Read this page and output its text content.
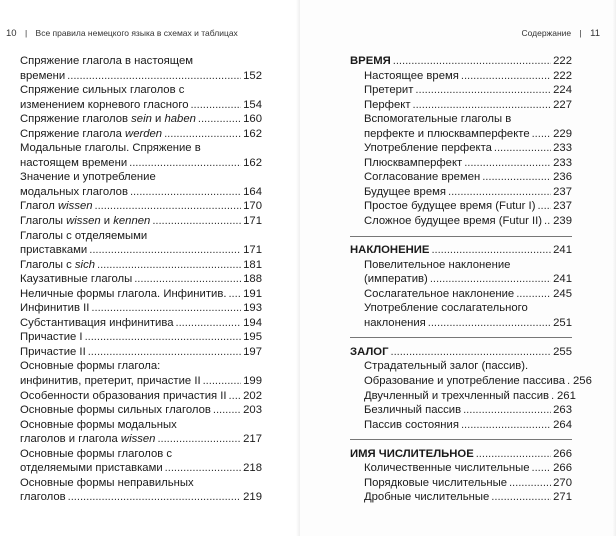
10 | Все правила немецкого языка в схемах и таблицах
Спряжение глагола в настоящем
времени . . .	152
Спряжение сильных глаголов с
изменением корневого гласного . . .	154
Спряжение глаголов sein и haben . . .	160
Спряжение глагола werden . . .	162
Модальные глаголы. Спряжение в
настоящем времени . . .	162
Значение и употребление
модальных глаголов . . .	164
Глагол wissen . . .	170
Глаголы wissen и kennen . . .	171
Глаголы с отделяемыми
приставками . . .	171
Глаголы с sich . . .	181
Каузативные глаголы . . .	188
Неличные формы глагола. Инфинитив. . . . 191
Инфинитив II . . .	193
Субстантивация инфинитива . . .	194
Причастие I . . .	195
Причастие II . . .	197
Основные формы глагола:
инфинитив, претерит, причастие II . . .	199
Особенности образования причастия II . . . 202
Основные формы сильных глаголов . . .	203
Основные формы модальных
глаголов и глагола wissen . . .	217
Основные формы глаголов с
отделяемыми приставками . . .	218
Основные формы неправильных
глаголов . . .	219
Содержание | 11
ВРЕМЯ . . .	222
Настоящее время . . .	222
Претерит . . .	224
Перфект . . .	227
Вспомогательные глаголы в
перфекте и плюсквамперфекте . . . 229
Употребление перфекта . . .	233
Плюсквамперфект . . .	233
Согласование времен . . .	236
Будущее время . . .	237
Простое будущее время (Futur I) . . . 237
Сложное будущее время (Futur II) . . . 239
НАКЛОНЕНИЕ . . .	241
Повелительное наклонение
(императив) . . .	241
Сослагательное наклонение . . .	245
Употребление сослагательного
наклонения . . .	251
ЗАЛОГ . . .	255
Страдательный залог (пассив).
Образование и употребление пассива . . . 256
Двучленный и трехчленный пассив . . . 261
Безличный пассив . . .	263
Пассив состояния . . .	264
ИМЯ ЧИСЛИТЕЛЬНОЕ . . .	266
Количественные числительные . . . 266
Порядковые числительные . . .	270
Дробные числительные . . .	271
